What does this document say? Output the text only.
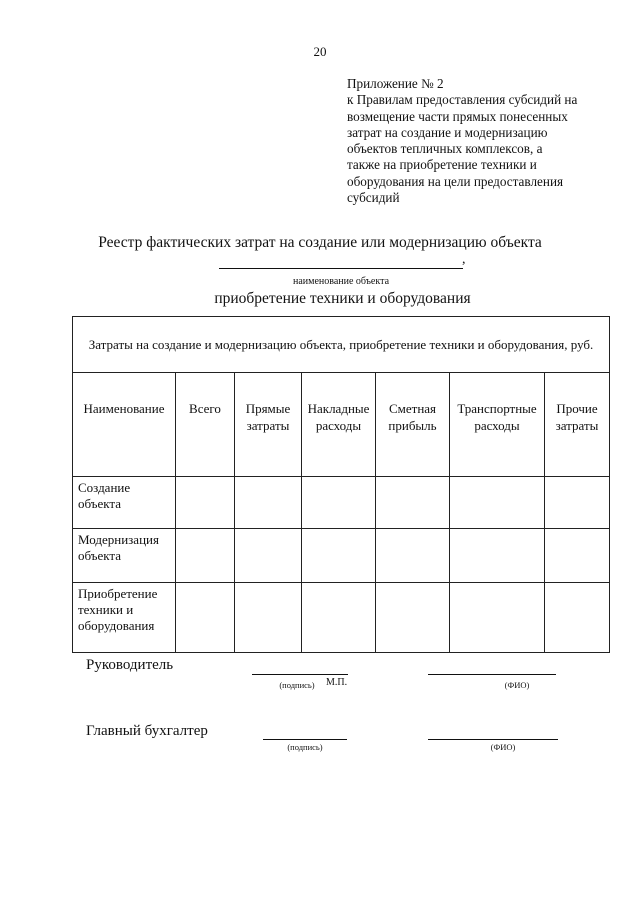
20
Приложение № 2
к Правилам предоставления субсидий на
возмещение части прямых понесенных
затрат на создание и модернизацию
объектов тепличных комплексов, а
также на приобретение техники и
оборудования на цели предоставления
субсидий
Реестр фактических затрат на создание или модернизацию объекта
,
наименование объекта
приобретение техники и оборудования
Затраты на создание и модернизацию объекта, приобретение техники и оборудования, руб.						

Наименование	Всего	Прямые затраты	Накладные расходы	Сметная прибыль	Транспортные расходы	Прочие затраты

Создание объекта						
Модернизация объекта						
Приобретение техники и оборудования						
Руководитель
(подпись)	М.П.	(ФИО)
Главный бухгалтер
(подпись)	(ФИО)
